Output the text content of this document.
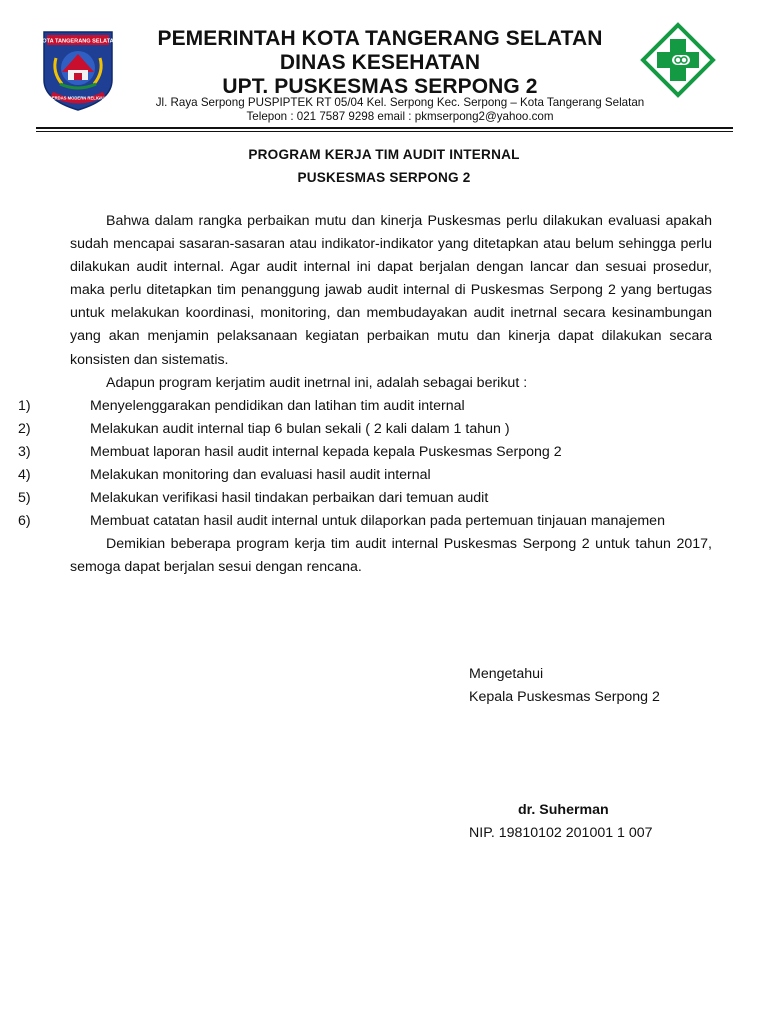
KOTA TANGERANG SELATAN
CERDAS MODERN RELIGIUS

PEMERINTAH KOTA TANGERANG SELATAN

DINAS KESEHATAN

UPT. PUSKESMAS SERPONG 2

Jl. Raya Serpong PUSPIPTEK RT 05/04 Kel. Serpong Kec. Serpong – Kota Tangerang Selatan
Telepon : 021 7587 9298 email : pkmserpong2@yahoo.com
PROGRAM KERJA TIM AUDIT INTERNAL
PUSKESMAS SERPONG 2

Bahwa dalam rangka perbaikan mutu dan kinerja Puskesmas perlu dilakukan evaluasi apakah sudah mencapai sasaran-sasaran atau indikator-indikator yang ditetapkan atau belum sehingga perlu dilakukan audit internal. Agar audit internal ini dapat berjalan dengan lancar dan sesuai prosedur, maka perlu ditetapkan tim penanggung jawab audit internal di Puskesmas Serpong 2 yang bertugas untuk melakukan koordinasi, monitoring, dan membudayakan audit inetrnal secara kesinambungan yang akan menjamin pelaksanaan kegiatan perbaikan mutu dan kinerja dapat dilakukan secara konsisten dan sistematis.

Adapun program kerjatim audit inetrnal ini, adalah sebagai berikut :

1)	Menyelenggarakan pendidikan dan latihan tim audit internal
2)	Melakukan audit internal tiap 6 bulan sekali ( 2 kali dalam 1 tahun )
3)	Membuat laporan hasil audit internal kepada kepala Puskesmas Serpong 2
4)	Melakukan monitoring dan evaluasi hasil audit internal
5)	Melakukan verifikasi hasil tindakan perbaikan dari temuan audit
6)	Membuat catatan hasil audit internal untuk dilaporkan pada pertemuan tinjauan manajemen

Demikian beberapa program kerja tim audit internal Puskesmas Serpong 2 untuk tahun 2017, semoga dapat berjalan sesui dengan rencana.

Mengetahui
Kepala Puskesmas Serpong 2
dr. Suherman
NIP. 19810102 201001 1 007
